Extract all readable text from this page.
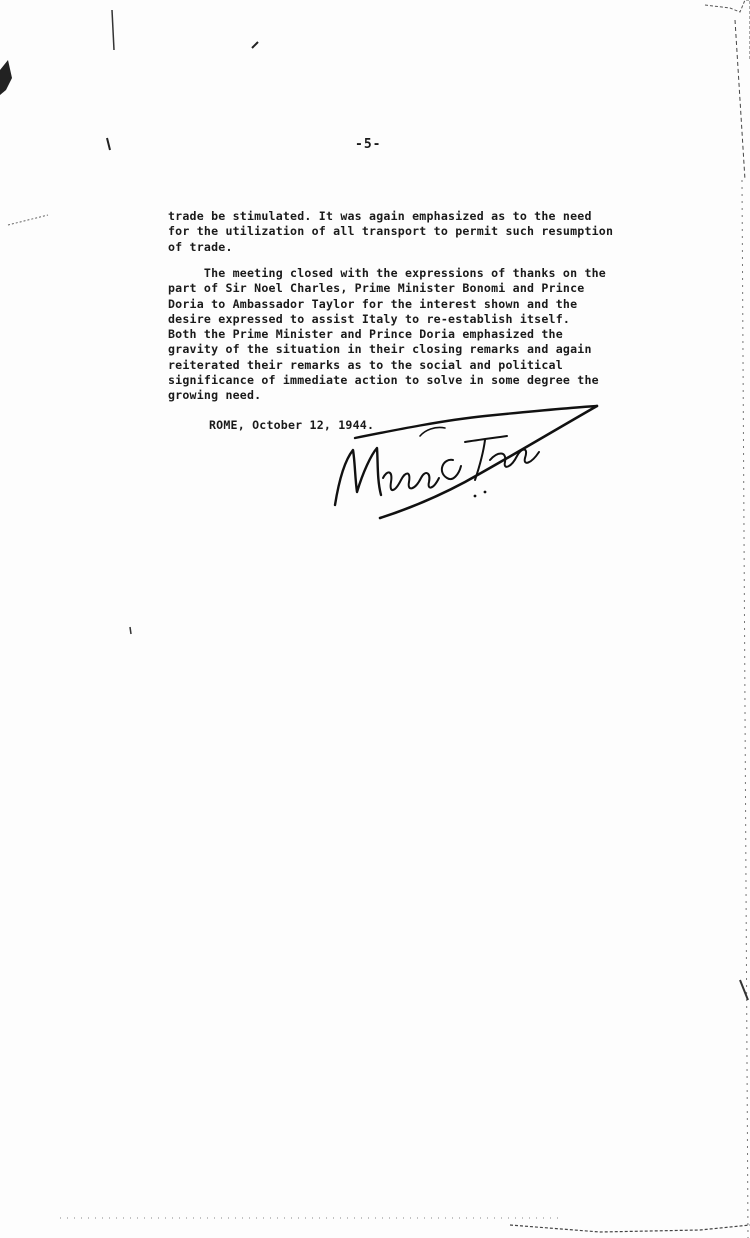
-5-

trade be stimulated. It was again emphasized as to the need
for the utilization of all transport to permit such resumption
of trade.

The meeting closed with the expressions of thanks on the
part of Sir Noel Charles, Prime Minister Bonomi and Prince
Doria to Ambassador Taylor for the interest shown and the
desire expressed to assist Italy to re-establish itself.
Both the Prime Minister and Prince Doria emphasized the
gravity of the situation in their closing remarks and again
reiterated their remarks as to the social and political
significance of immediate action to solve in some degree the
growing need.

ROME, October 12, 1944.
